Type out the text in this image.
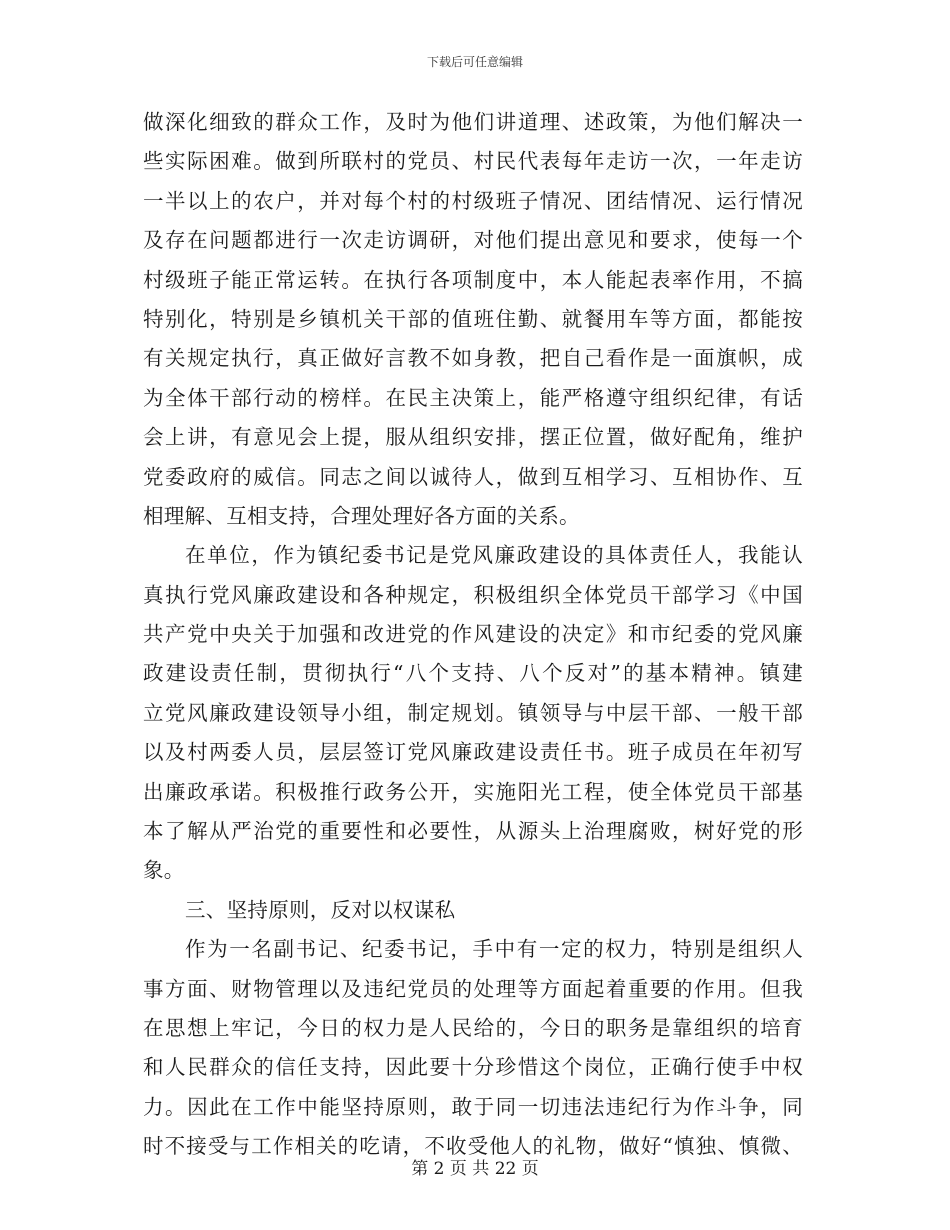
下载后可任意编辑
做深化细致的群众工作，及时为他们讲道理、述政策，为他们解决一
些实际困难。做到所联村的党员、村民代表每年走访一次，一年走访
一半以上的农户，并对每个村的村级班子情况、团结情况、运行情况
及存在问题都进行一次走访调研，对他们提出意见和要求，使每一个
村级班子能正常运转。在执行各项制度中，本人能起表率作用，不搞
特别化，特别是乡镇机关干部的值班住勤、就餐用车等方面，都能按
有关规定执行，真正做好言教不如身教，把自己看作是一面旗帜，成
为全体干部行动的榜样。在民主决策上，能严格遵守组织纪律，有话
会上讲，有意见会上提，服从组织安排，摆正位置，做好配角，维护
党委政府的威信。同志之间以诚待人，做到互相学习、互相协作、互
相理解、互相支持，合理处理好各方面的关系。
在单位，作为镇纪委书记是党风廉政建设的具体责任人，我能认
真执行党风廉政建设和各种规定，积极组织全体党员干部学习《中国
共产党中央关于加强和改进党的作风建设的决定》和市纪委的党风廉
政建设责任制，贯彻执行“八个支持、八个反对”的基本精神。镇建
立党风廉政建设领导小组，制定规划。镇领导与中层干部、一般干部
以及村两委人员，层层签订党风廉政建设责任书。班子成员在年初写
出廉政承诺。积极推行政务公开，实施阳光工程，使全体党员干部基
本了解从严治党的重要性和必要性，从源头上治理腐败，树好党的形
象。
三、坚持原则，反对以权谋私
作为一名副书记、纪委书记，手中有一定的权力，特别是组织人
事方面、财物管理以及违纪党员的处理等方面起着重要的作用。但我
在思想上牢记，今日的权力是人民给的，今日的职务是靠组织的培育
和人民群众的信任支持，因此要十分珍惜这个岗位，正确行使手中权
力。因此在工作中能坚持原则，敢于同一切违法违纪行为作斗争，同
时不接受与工作相关的吃请，不收受他人的礼物，做好“慎独、慎微、
第 2 页 共 22 页
